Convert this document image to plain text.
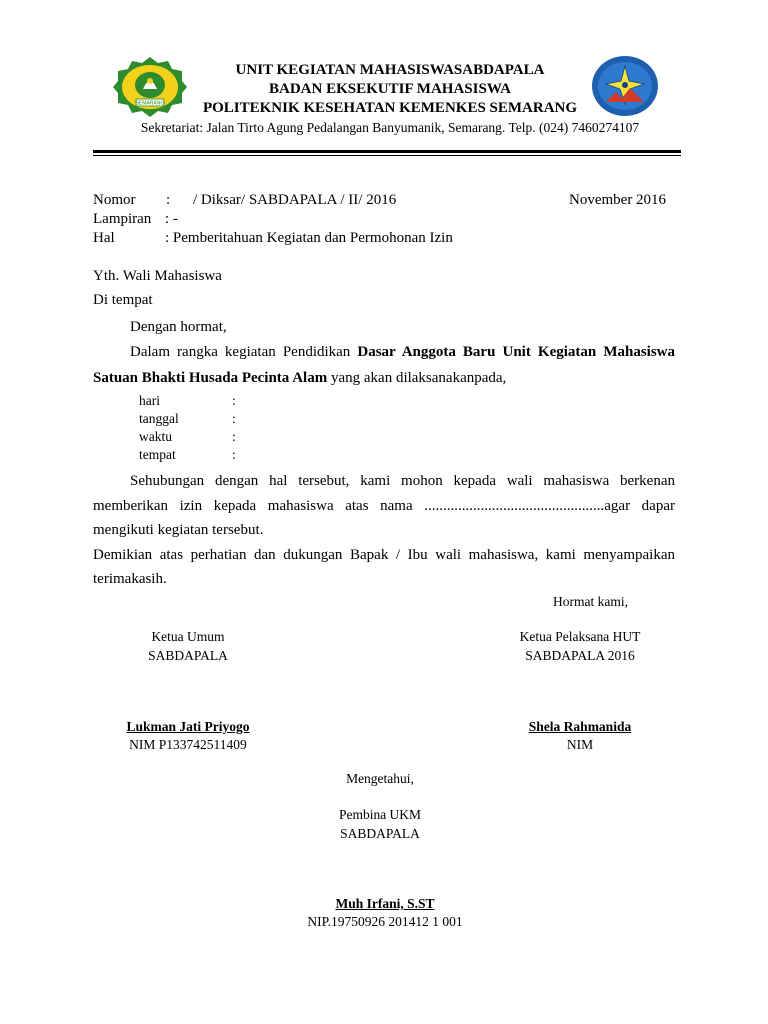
SEMARANG
UNIT KEGIATAN MAHASISWASABDAPALA
BADAN EKSEKUTIF MAHASISWA
POLITEKNIK KESEHATAN KEMENKES SEMARANG
Sekretariat: Jalan Tirto Agung Pedalangan Banyumanik, Semarang. Telp. (024) 7460274107
Nomor : / Diksar/ SABDAPALA / II/ 2016	November 2016
Lampiran : -
Hal	: Pemberitahuan Kegiatan dan Permohonan Izin
Yth. Wali Mahasiswa
Di tempat
Dengan hormat,
Dalam rangka kegiatan Pendidikan Dasar Anggota Baru Unit Kegiatan Mahasiswa
Satuan Bhakti Husada Pecinta Alam yang akan dilaksanakanpada,
hari	:
tanggal	:
waktu	:
tempat	:
Sehubungan dengan hal tersebut, kami mohon kepada wali mahasiswa berkenan
memberikan izin kepada mahasiswa atas nama ................................................agar dapar
mengikuti kegiatan tersebut.
Demikian atas perhatian dan dukungan Bapak / Ibu wali mahasiswa, kami menyampaikan
terimakasih.
Hormat kami,
Ketua Umum
SABDAPALA
Ketua Pelaksana HUT
SABDAPALA 2016
Lukman Jati Priyogo
NIM P133742511409
Shela Rahmanida
NIM
Mengetahui,
Pembina UKM
SABDAPALA
Muh Irfani, S.ST
NIP.19750926 201412 1 001
